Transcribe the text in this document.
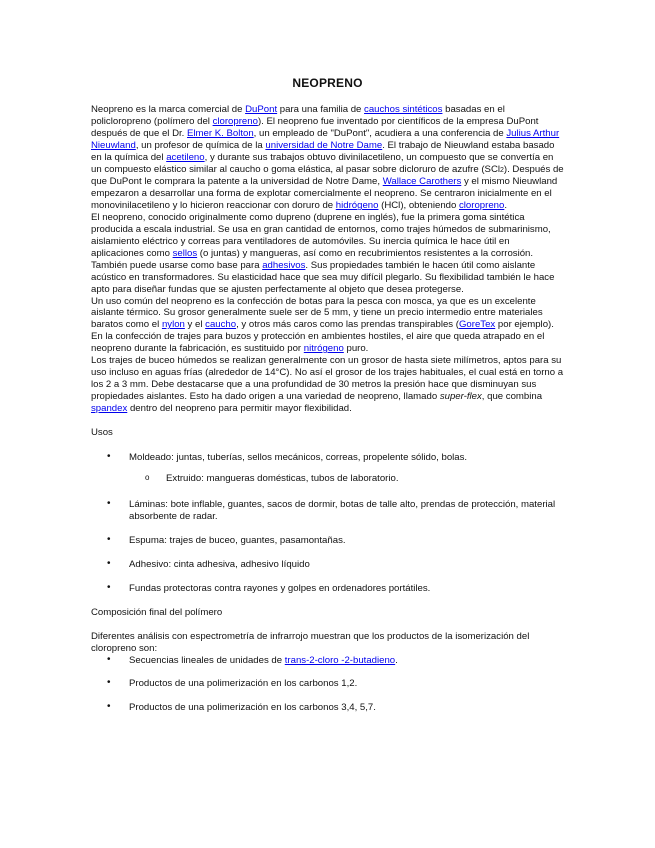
NEOPRENO

Neopreno es la marca comercial de DuPont para una familia de cauchos sintéticos basadas en el policloropreno (polímero del cloropreno). El neopreno fue inventado por científicos de la empresa DuPont después de que el Dr. Elmer K. Bolton, un empleado de "DuPont", acudiera a una conferencia de Julius Arthur Nieuwland, un profesor de química de la universidad de Notre Dame. El trabajo de Nieuwland estaba basado en la química del acetileno, y durante sus trabajos obtuvo divinilacetileno, un compuesto que se convertía en un compuesto elástico similar al caucho o goma elástica, al pasar sobre dicloruro de azufre (SCl2). Después de que DuPont le comprara la patente a la universidad de Notre Dame, Wallace Carothers y el mismo Nieuwland empezaron a desarrollar una forma de explotar comercialmente el neopreno. Se centraron inicialmente en el monovinilacetileno y lo hicieron reaccionar con doruro de hidrógeno (HCl), obteniendo cloropreno.

El neopreno, conocido originalmente como dupreno (duprene en inglés), fue la primera goma sintética producida a escala industrial. Se usa en gran cantidad de entornos, como trajes húmedos de submarinismo, aislamiento eléctrico y correas para ventiladores de automóviles. Su inercia química le hace útil en aplicaciones como sellos (o juntas) y mangueras, así como en recubrimientos resistentes a la corrosión. También puede usarse como base para adhesivos. Sus propiedades también le hacen útil como aislante acústico en transformadores. Su elasticidad hace que sea muy difícil plegarlo. Su flexibilidad también le hace apto para diseñar fundas que se ajusten perfectamente al objeto que desea protegerse.

Un uso común del neopreno es la confección de botas para la pesca con mosca, ya que es un excelente aislante térmico. Su grosor generalmente suele ser de 5 mm, y tiene un precio intermedio entre materiales baratos como el nylon y el caucho, y otros más caros como las prendas transpirables (GoreTex por ejemplo).

En la confección de trajes para buzos y protección en ambientes hostiles, el aire que queda atrapado en el neopreno durante la fabricación, es sustituido por nitrógeno puro.

Los trajes de buceo húmedos se realizan generalmente con un grosor de hasta siete milímetros, aptos para su uso incluso en aguas frías (alrededor de 14°C). No así el grosor de los trajes habituales, el cual está en torno a los 2 a 3 mm. Debe destacarse que a una profundidad de 30 metros la presión hace que disminuyan sus propiedades aislantes. Esto ha dado origen a una variedad de neopreno, llamado super-flex, que combina spandex dentro del neopreno para permitir mayor flexibilidad.

Usos

• Moldeado: juntas, tuberías, sellos mecánicos, correas, propelente sólido, bolas.
o Extruido: mangueras domésticas, tubos de laboratorio.
• Láminas: bote inflable, guantes, sacos de dormir, botas de talle alto, prendas de protección, material absorbente de radar.
• Espuma: trajes de buceo, guantes, pasamontañas.
• Adhesivo: cinta adhesiva, adhesivo líquido
• Fundas protectoras contra rayones y golpes en ordenadores portátiles.

Composición final del polímero

Diferentes análisis con espectrometría de infrarrojo muestran que los productos de la isomerización del cloropreno son:

• Secuencias lineales de unidades de trans-2-cloro -2-butadieno.
• Productos de una polimerización en los carbonos 1,2.
• Productos de una polimerización en los carbonos 3,4, 5,7.
